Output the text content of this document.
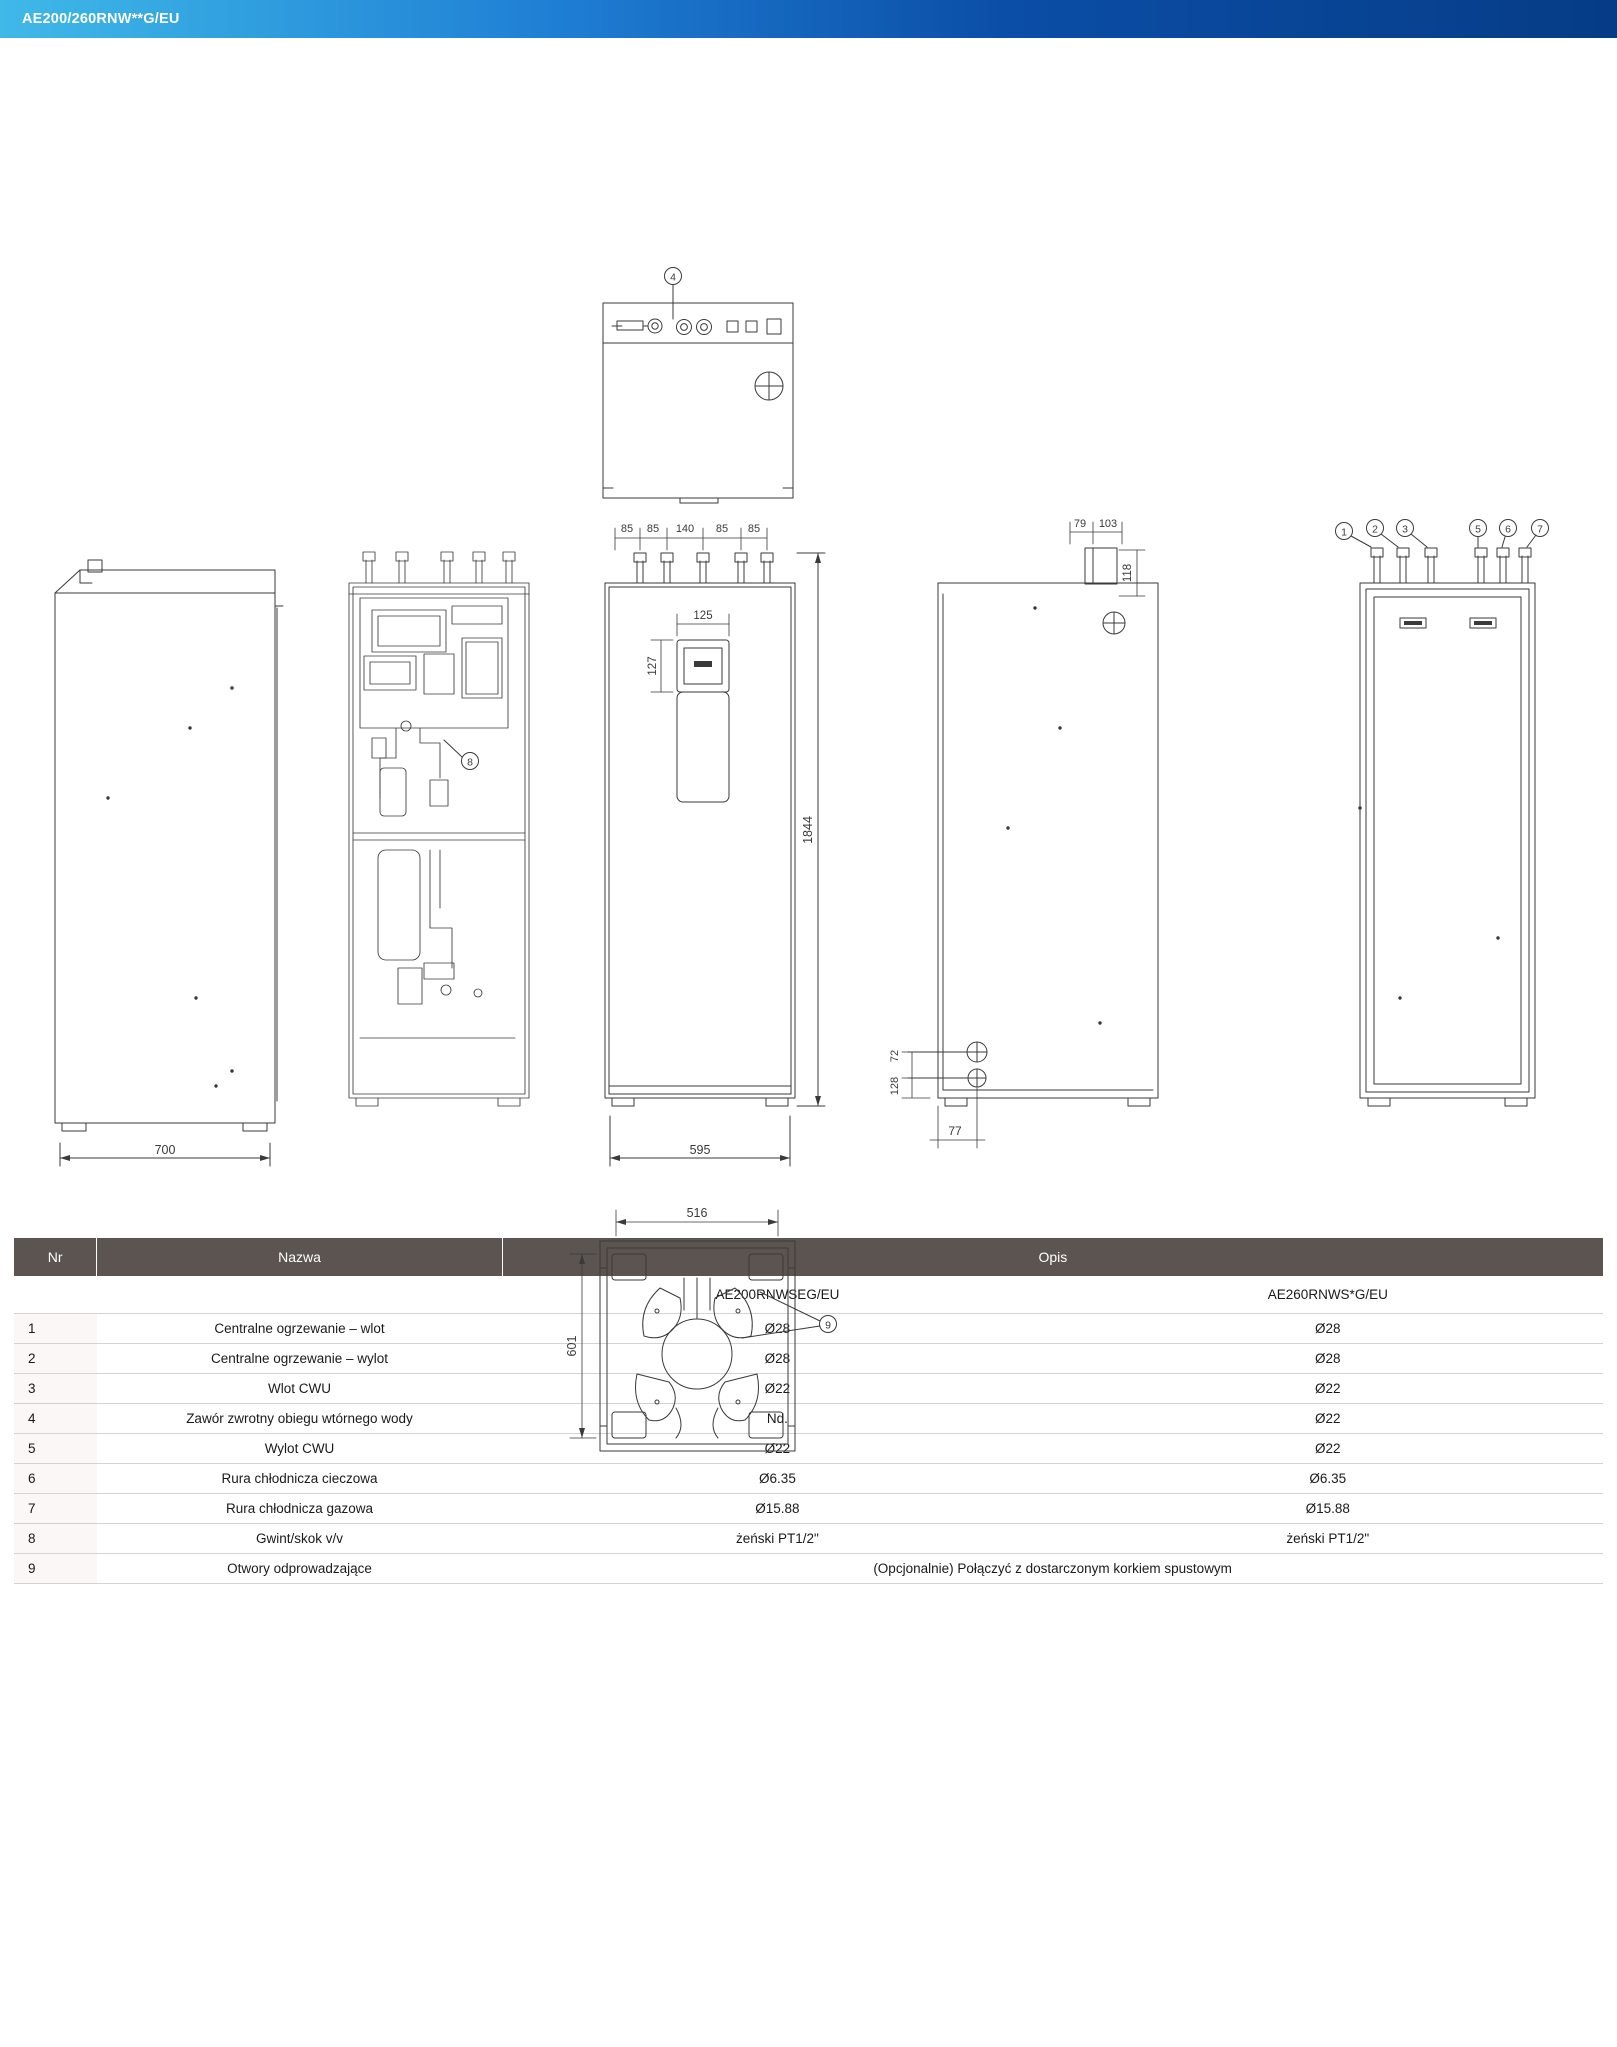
AE200/260RNW**G/EU
4
700
8
85 85 140 85 85
125
127
1844
595
79 103
118
128
72
77
1 2 3	5 6 7
516
601
9
Nr	Nazwa	Opis	
		AE200RNWSEG/EU	AE260RNWS*G/EU
1	Centralne ogrzewanie – wlot	Ø28	Ø28
2	Centralne ogrzewanie – wylot	Ø28	Ø28
3	Wlot CWU	Ø22	Ø22
4	Zawór zwrotny obiegu wtórnego wody	Nd.	Ø22
5	Wylot CWU	Ø22	Ø22
6	Rura chłodnicza cieczowa	Ø6.35	Ø6.35
7	Rura chłodnicza gazowa	Ø15.88	Ø15.88
8	Gwint/skok v/v	żeński PT1/2"	żeński PT1/2"
9	Otwory odprowadzające	(Opcjonalnie) Połączyć z dostarczonym korkiem spustowym	
